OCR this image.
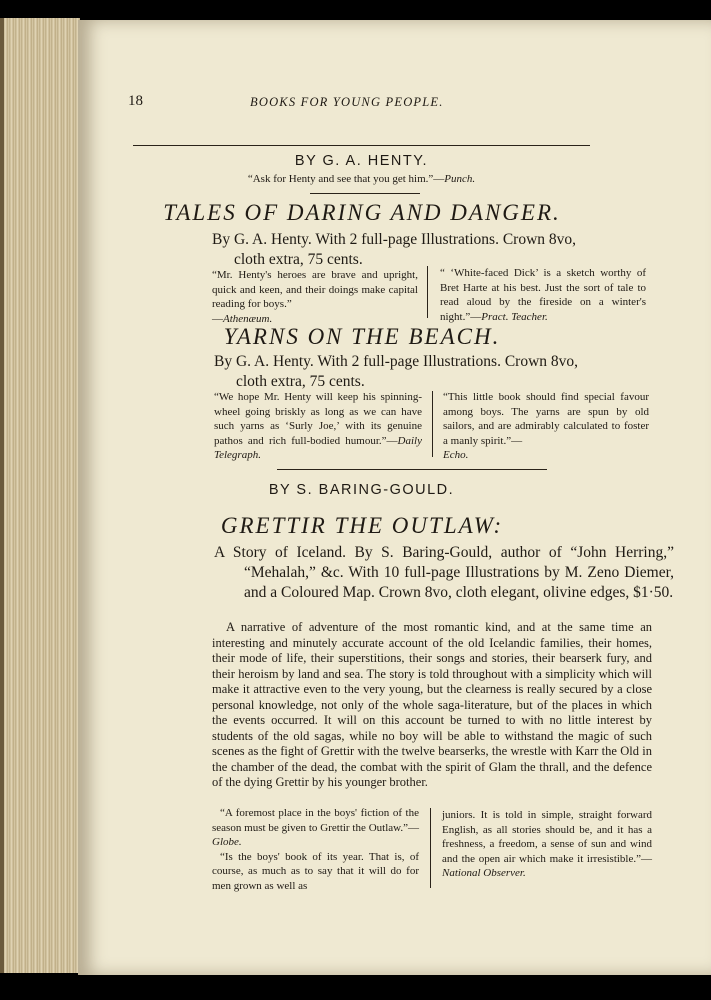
18	BOOKS FOR YOUNG PEOPLE.

BY G. A. HENTY.

“Ask for Henty and see that you get him.”—Punch.

TALES OF DARING AND DANGER.

By G. A. Henty. With 2 full-page Illustrations. Crown 8vo,

cloth extra, 75 cents.

“Mr. Henty's heroes are brave and upright, quick and keen, and their doings make capital reading for boys.”
—Athenæum.

“ ‘White-faced Dick’ is a sketch worthy of Bret Harte at his best. Just the sort of tale to read aloud by the fireside on a winter's night.”—Pract. Teacher.

YARNS ON THE BEACH.

By G. A. Henty. With 2 full-page Illustrations. Crown 8vo,

cloth extra, 75 cents.

“We hope Mr. Henty will keep his spinning-wheel going briskly as long as we can have such yarns as ‘Surly Joe,’ with its genuine pathos and rich full-bodied humour.”—Daily Telegraph.

“This little book should find special favour among boys. The yarns are spun by old sailors, and are admirably calculated to foster a manly spirit.”—
Echo.

BY S. BARING-GOULD.

GRETTIR THE OUTLAW:

A Story of Iceland. By S. Baring-Gould, author of “John Herring,” “Mehalah,” &c. With 10 full-page Illustrations by M. Zeno Diemer, and a Coloured Map. Crown 8vo, cloth elegant, olivine edges, $1·50.

A narrative of adventure of the most romantic kind, and at the same time an interesting and minutely accurate account of the old Icelandic families, their homes, their mode of life, their superstitions, their songs and stories, their bearserk fury, and their heroism by land and sea. The story is told throughout with a simplicity which will make it attractive even to the very young, but the clearness is really secured by a close personal knowledge, not only of the whole saga-literature, but of the places in which the events occurred. It will on this account be turned to with no little interest by students of the old sagas, while no boy will be able to withstand the magic of such scenes as the fight of Grettir with the twelve bearserks, the wrestle with Karr the Old in the chamber of the dead, the combat with the spirit of Glam the thrall, and the defence of the dying Grettir by his younger brother.

“A foremost place in the boys' fiction of the season must be given to Grettir the Outlaw.”—Globe.

“Is the boys' book of its year. That is, of course, as much as to say that it will do for men grown as well as

juniors. It is told in simple, straight forward English, as all stories should be, and it has a freshness, a freedom, a sense of sun and wind and the open air which make it irresistible.”—National Observer.
